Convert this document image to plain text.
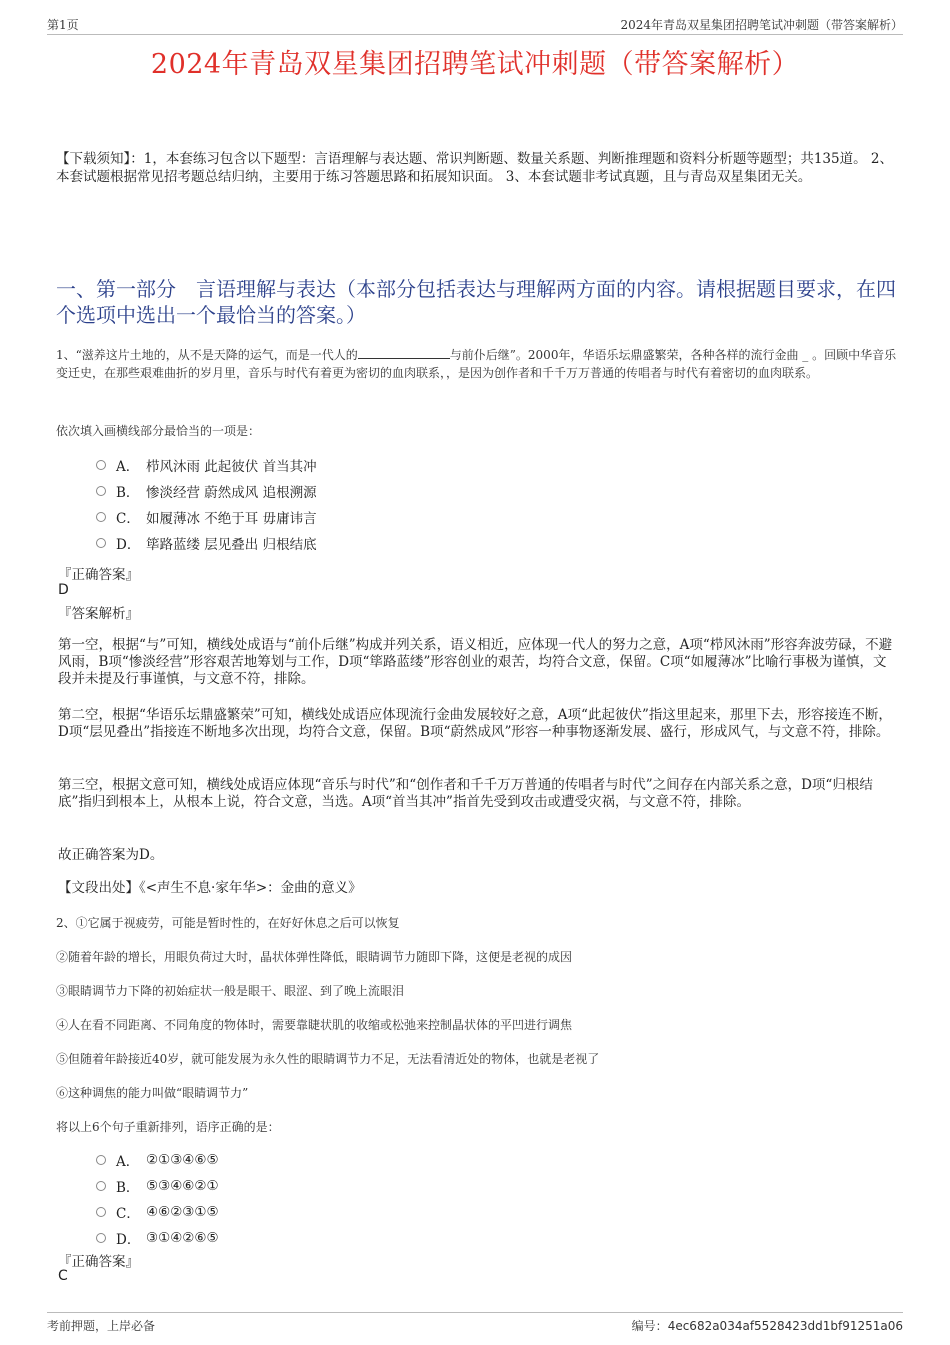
第1页	2024年青岛双星集团招聘笔试冲刺题（带答案解析）
2024年青岛双星集团招聘笔试冲刺题（带答案解析）
【下载须知】：1，本套练习包含以下题型：言语理解与表达题、常识判断题、数量关系题、判断推理题和资料分析题等题型；共135道。 2、本套试题根据常见招考题总结归纳，主要用于练习答题思路和拓展知识面。 3、本套试题非考试真题，且与青岛双星集团无关。
一、第一部分　言语理解与表达（本部分包括表达与理解两方面的内容。请根据题目要求，在四个选项中选出一个最恰当的答案。）
1、“滋养这片土地的，从不是天降的运气，而是一代人的	与前仆后继”。2000年，华语乐坛鼎盛繁荣，各种各样的流行金曲 _ 。回顾中华音乐变迁史，在那些艰难曲折的岁月里，音乐与时代有着更为密切的血肉联系，，是因为创作者和千千万万普通的传唱者与时代有着密切的血肉联系。
依次填入画横线部分最恰当的一项是：
A． 栉风沐雨 此起彼伏 首当其冲
B． 惨淡经营 蔚然成风 追根溯源
C． 如履薄冰 不绝于耳 毋庸讳言
D． 筚路蓝缕 层见叠出 归根结底
『正确答案』
D
『答案解析』
第一空，根据“与”可知，横线处成语与“前仆后继”构成并列关系，语义相近，应体现一代人的努力之意，A项“栉风沐雨”形容奔波劳碌，不避风雨，B项“惨淡经营”形容艰苦地筹划与工作，D项“筚路蓝缕”形容创业的艰苦，均符合文意，保留。C项“如履薄冰”比喻行事极为谨慎，文段并未提及行事谨慎，与文意不符，排除。
第二空，根据“华语乐坛鼎盛繁荣”可知，横线处成语应体现流行金曲发展较好之意，A项“此起彼伏”指这里起来，那里下去，形容接连不断，D项“层见叠出”指接连不断地多次出现，均符合文意，保留。B项“蔚然成风”形容一种事物逐渐发展、盛行，形成风气，与文意不符，排除。
第三空，根据文意可知，横线处成语应体现“音乐与时代”和“创作者和千千万万普通的传唱者与时代”之间存在内部关系之意，D项“归根结底”指归到根本上，从根本上说，符合文意，当选。A项“首当其冲”指首先受到攻击或遭受灾祸，与文意不符，排除。
故正确答案为D。
【文段出处】《<声生不息·家年华>：金曲的意义》
2、①它属于视疲劳，可能是暂时性的，在好好休息之后可以恢复
②随着年龄的增长，用眼负荷过大时，晶状体弹性降低，眼睛调节力随即下降，这便是老视的成因
③眼睛调节力下降的初始症状一般是眼干、眼涩、到了晚上流眼泪
④人在看不同距离、不同角度的物体时，需要靠睫状肌的收缩或松弛来控制晶状体的平凹进行调焦
⑤但随着年龄接近40岁，就可能发展为永久性的眼睛调节力不足，无法看清近处的物体，也就是老视了
⑥这种调焦的能力叫做“眼睛调节力”
将以上6个句子重新排列，语序正确的是：
A． ②①③④⑥⑤
B． ⑤③④⑥②①
C． ④⑥②③①⑤
D． ③①④②⑥⑤
『正确答案』
C
考前押题，上岸必备	编号：4ec682a034af5528423dd1bf91251a06
